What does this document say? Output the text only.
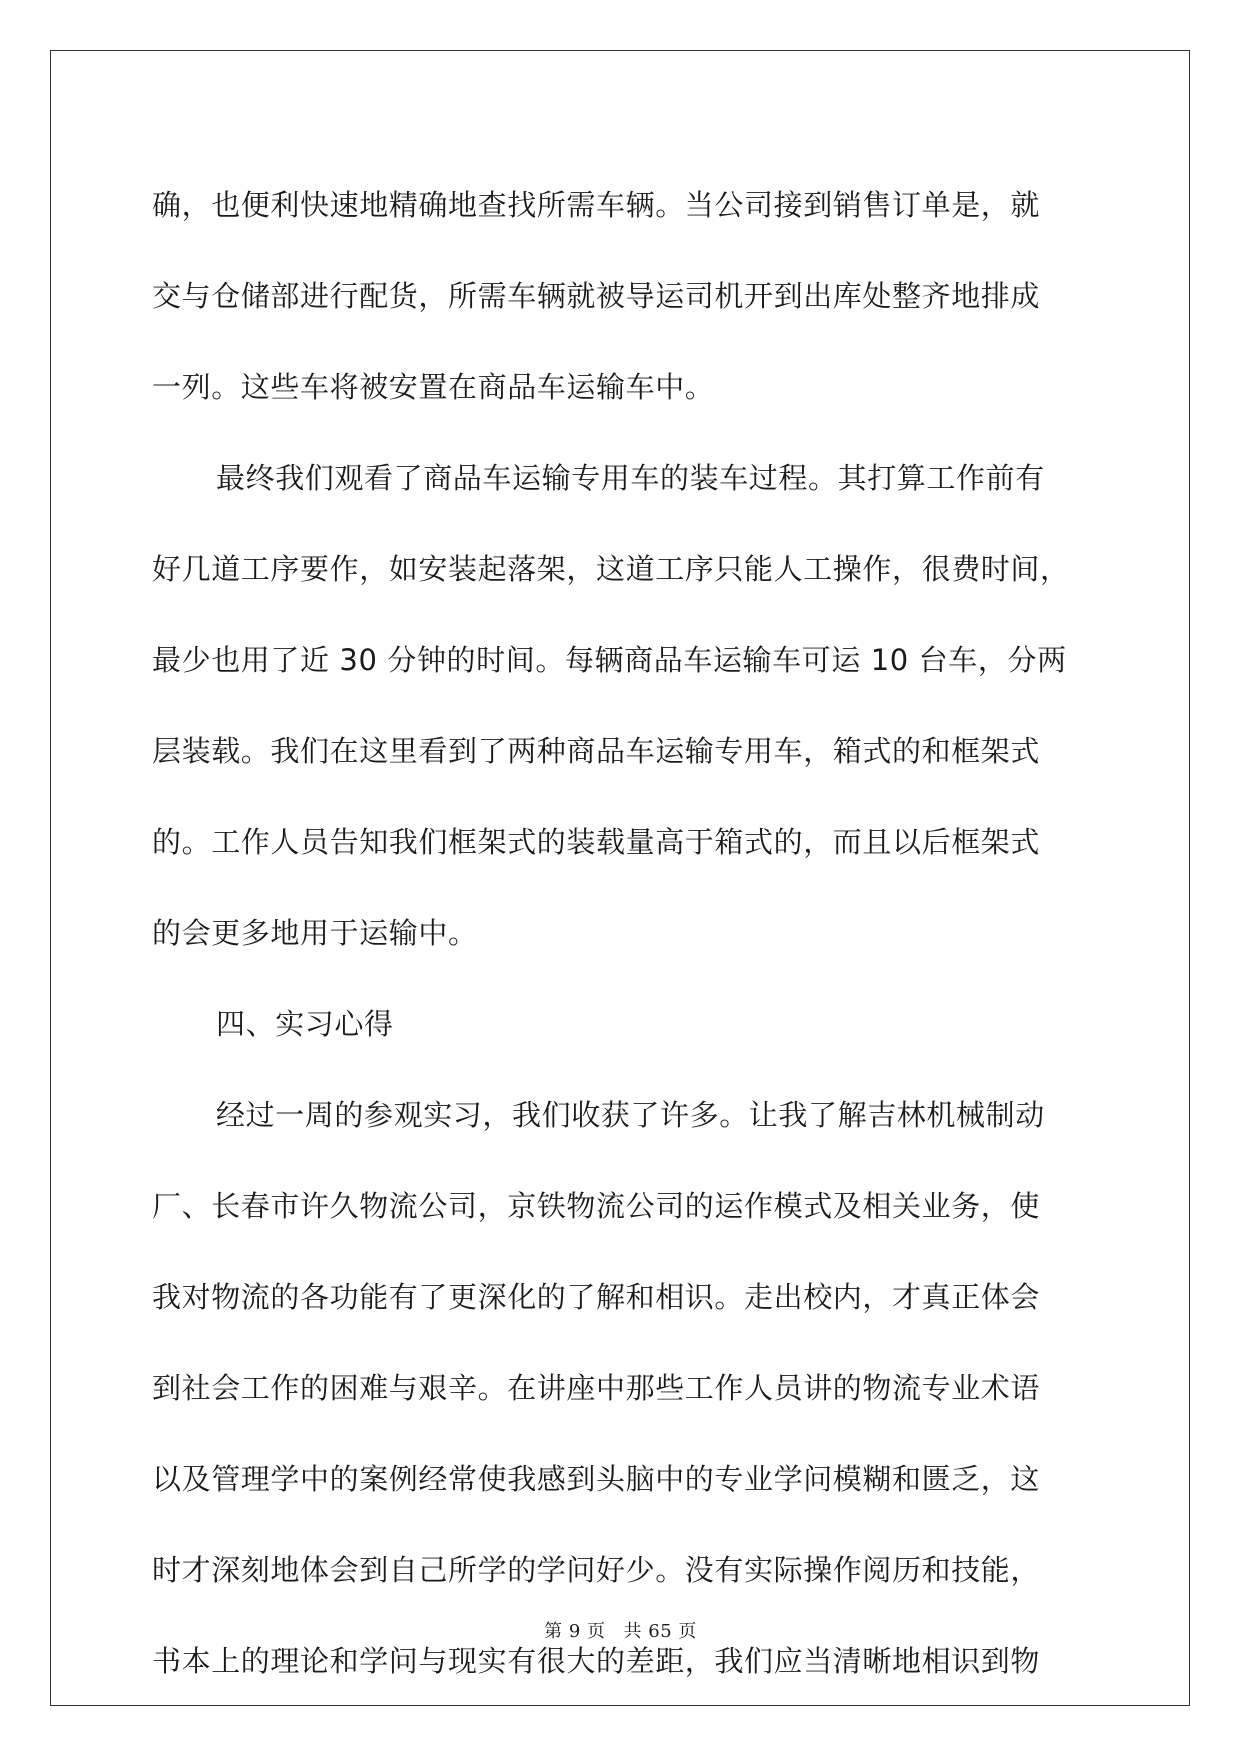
确，也便利快速地精确地查找所需车辆。当公司接到销售订单是，就
交与仓储部进行配货，所需车辆就被导运司机开到出库处整齐地排成
一列。这些车将被安置在商品车运输车中。
最终我们观看了商品车运输专用车的装车过程。其打算工作前有
好几道工序要作，如安装起落架，这道工序只能人工操作，很费时间，
最少也用了近 30 分钟的时间。每辆商品车运输车可运 10 台车，分两
层装载。我们在这里看到了两种商品车运输专用车，箱式的和框架式
的。工作人员告知我们框架式的装载量高于箱式的，而且以后框架式
的会更多地用于运输中。
四、实习心得
经过一周的参观实习，我们收获了许多。让我了解吉林机械制动
厂、长春市许久物流公司，京铁物流公司的运作模式及相关业务，使
我对物流的各功能有了更深化的了解和相识。走出校内，才真正体会
到社会工作的困难与艰辛。在讲座中那些工作人员讲的物流专业术语
以及管理学中的案例经常使我感到头脑中的专业学问模糊和匮乏，这
时才深刻地体会到自己所学的学问好少。没有实际操作阅历和技能，
书本上的理论和学问与现实有很大的差距，我们应当清晰地相识到物
第 9 页 共 65 页
